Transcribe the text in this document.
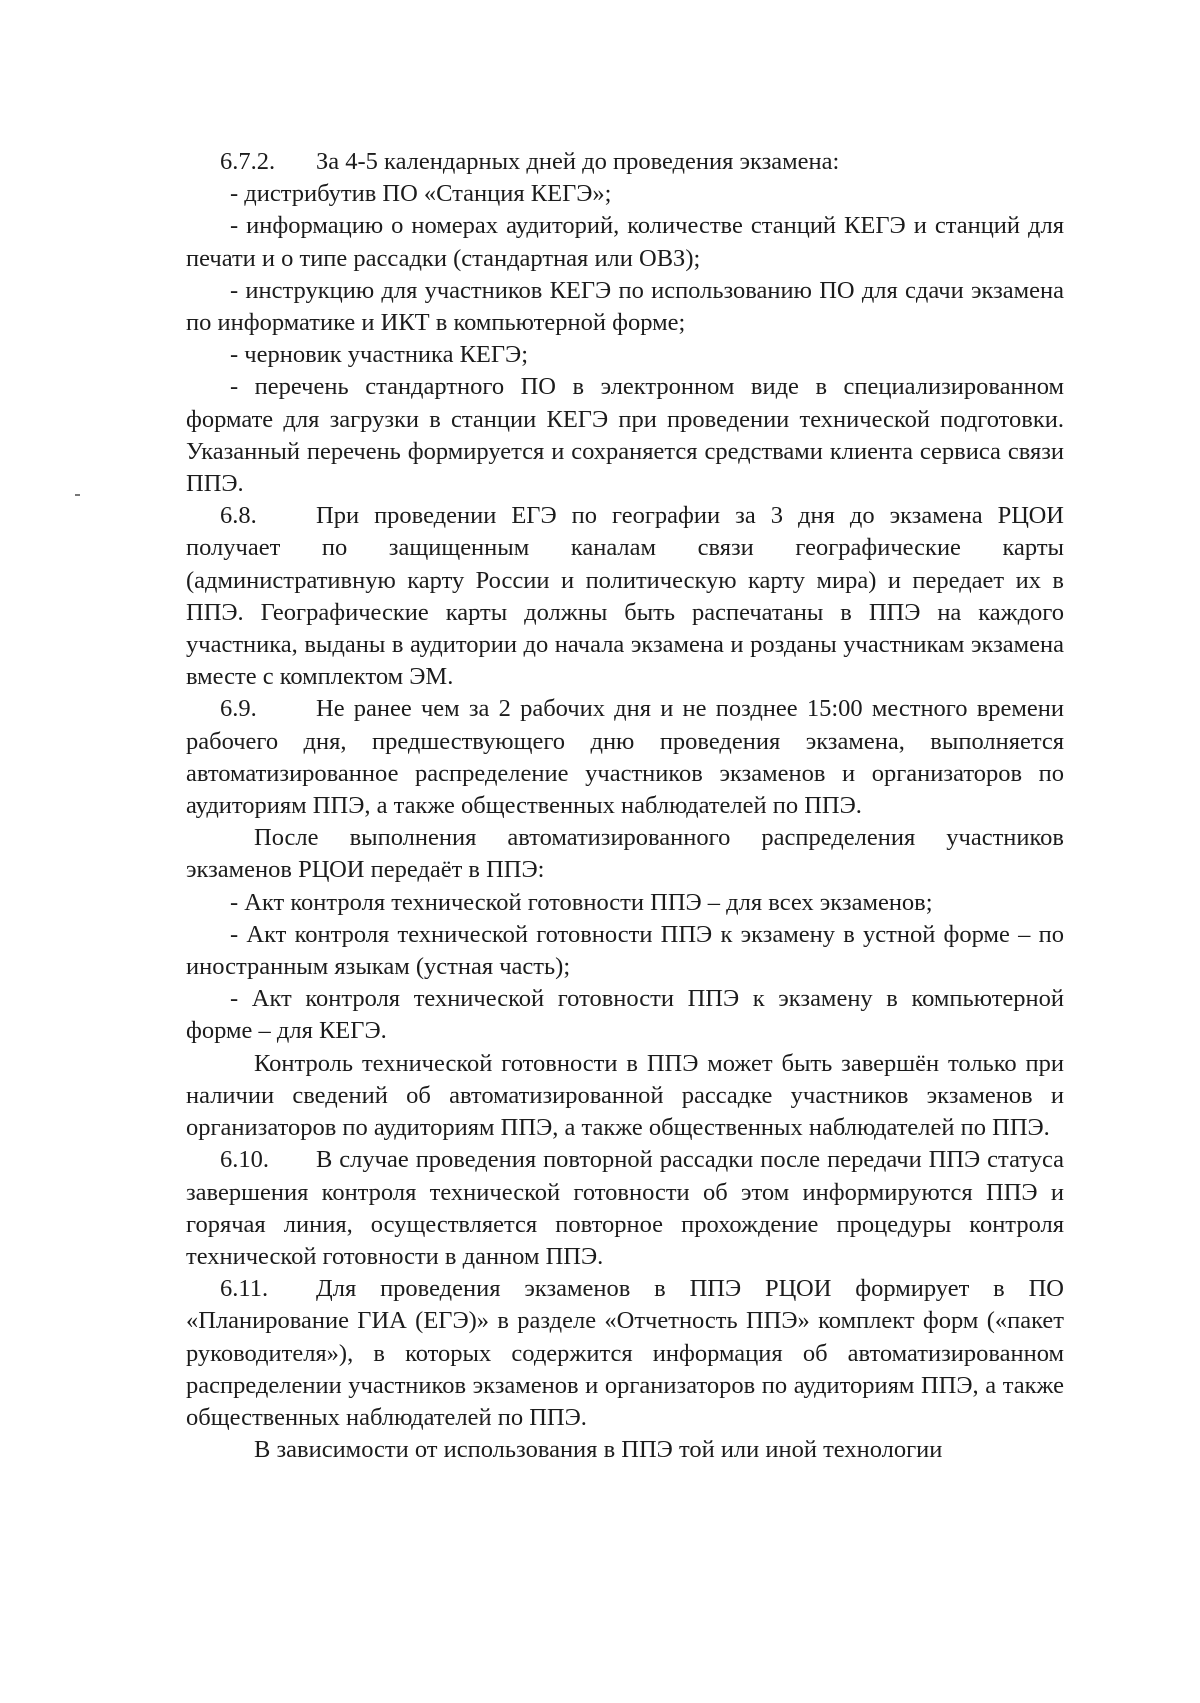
6.7.2. За 4-5 календарных дней до проведения экзамена:

- дистрибутив ПО «Станция КЕГЭ»;

- информацию о номерах аудиторий, количестве станций КЕГЭ и станций для печати и о типе рассадки (стандартная или ОВЗ);

- инструкцию для участников КЕГЭ по использованию ПО для сдачи экзамена по информатике и ИКТ в компьютерной форме;

- черновик участника КЕГЭ;

- перечень стандартного ПО в электронном виде в специализированном формате для загрузки в станции КЕГЭ при проведении технической подготовки. Указанный перечень формируется и сохраняется средствами клиента сервиса связи ППЭ.

6.8. При проведении ЕГЭ по географии за 3 дня до экзамена РЦОИ получает по защищенным каналам связи географические карты (административную карту России и политическую карту мира) и передает их в ППЭ. Географические карты должны быть распечатаны в ППЭ на каждого участника, выданы в аудитории до начала экзамена и розданы участникам экзамена вместе с комплектом ЭМ.

6.9. Не ранее чем за 2 рабочих дня и не позднее 15:00 местного времени рабочего дня, предшествующего дню проведения экзамена, выполняется автоматизированное распределение участников экзаменов и организаторов по аудиториям ППЭ, а также общественных наблюдателей по ППЭ.

После выполнения автоматизированного распределения участников экзаменов РЦОИ передаёт в ППЭ:

- Акт контроля технической готовности ППЭ – для всех экзаменов;

- Акт контроля технической готовности ППЭ к экзамену в устной форме – по иностранным языкам (устная часть);

- Акт контроля технической готовности ППЭ к экзамену в компьютерной форме – для КЕГЭ.

Контроль технической готовности в ППЭ может быть завершён только при наличии сведений об автоматизированной рассадке участников экзаменов и организаторов по аудиториям ППЭ, а также общественных наблюдателей по ППЭ.

6.10. В случае проведения повторной рассадки после передачи ППЭ статуса завершения контроля технической готовности об этом информируются ППЭ и горячая линия, осуществляется повторное прохождение процедуры контроля технической готовности в данном ППЭ.

6.11. Для проведения экзаменов в ППЭ РЦОИ формирует в ПО «Планирование ГИА (ЕГЭ)» в разделе «Отчетность ППЭ» комплект форм («пакет руководителя»), в которых содержится информация об автоматизированном распределении участников экзаменов и организаторов по аудиториям ППЭ, а также общественных наблюдателей по ППЭ.

В зависимости от использования в ППЭ той или иной технологии
